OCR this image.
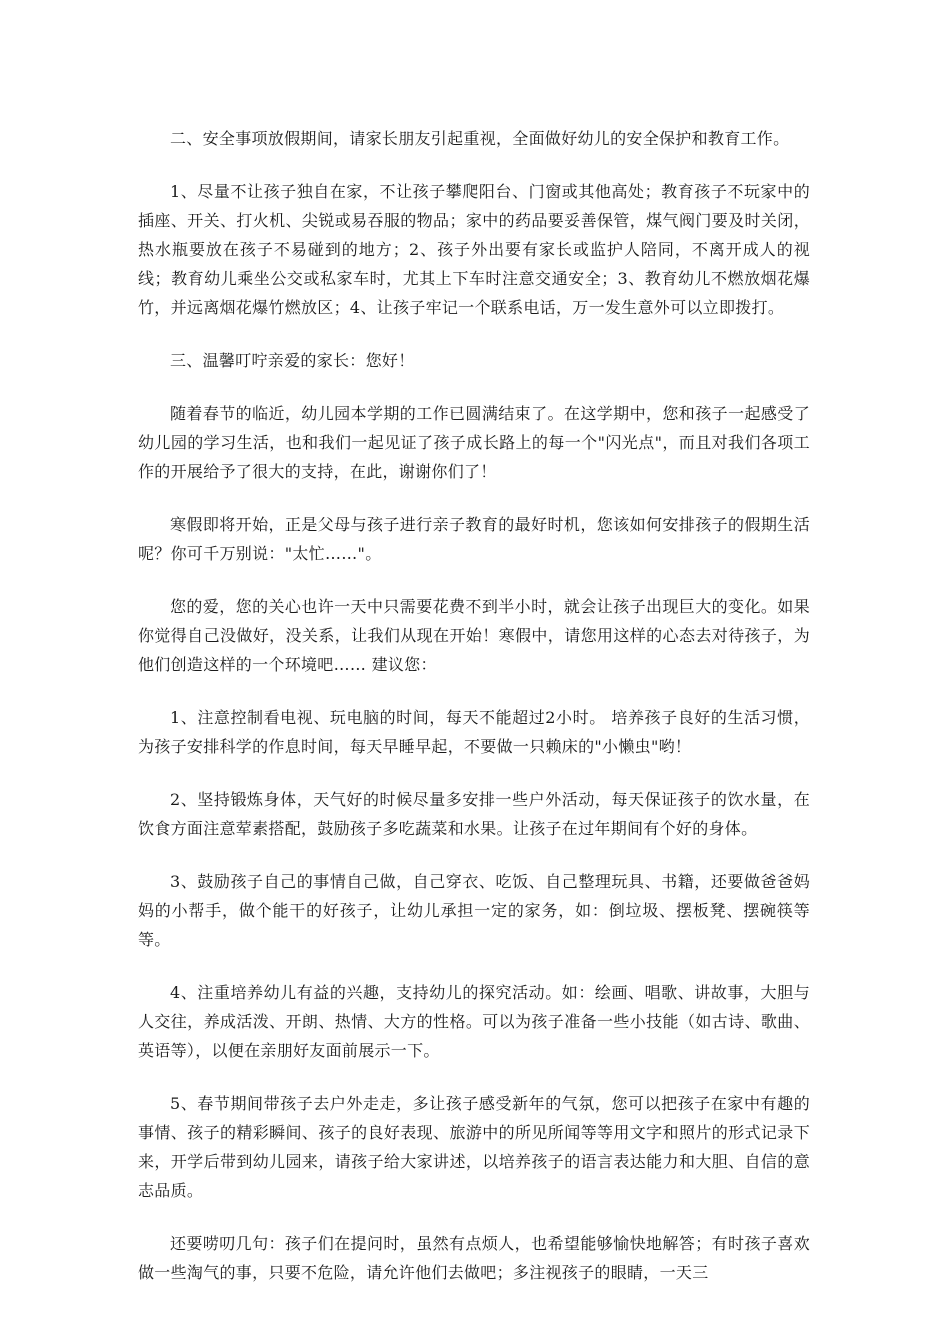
二、安全事项放假期间，请家长朋友引起重视，全面做好幼儿的安全保护和教育工作。

1、尽量不让孩子独自在家，不让孩子攀爬阳台、门窗或其他高处；教育孩子不玩家中的插座、开关、打火机、尖锐或易吞服的物品；家中的药品要妥善保管，煤气阀门要及时关闭，热水瓶要放在孩子不易碰到的地方；2、孩子外出要有家长或监护人陪同，不离开成人的视线；教育幼儿乘坐公交或私家车时，尤其上下车时注意交通安全；3、教育幼儿不燃放烟花爆竹，并远离烟花爆竹燃放区；4、让孩子牢记一个联系电话，万一发生意外可以立即拨打。

三、温馨叮咛亲爱的家长：您好！

随着春节的临近，幼儿园本学期的工作已圆满结束了。在这学期中，您和孩子一起感受了幼儿园的学习生活，也和我们一起见证了孩子成长路上的每一个"闪光点"，而且对我们各项工作的开展给予了很大的支持，在此，谢谢你们了！

寒假即将开始，正是父母与孩子进行亲子教育的最好时机，您该如何安排孩子的假期生活呢？你可千万别说："太忙……"。

您的爱，您的关心也许一天中只需要花费不到半小时，就会让孩子出现巨大的变化。如果你觉得自己没做好，没关系，让我们从现在开始！寒假中，请您用这样的心态去对待孩子，为他们创造这样的一个环境吧…… 建议您：

1、注意控制看电视、玩电脑的时间，每天不能超过2小时。 培养孩子良好的生活习惯，为孩子安排科学的作息时间，每天早睡早起，不要做一只赖床的"小懒虫"哟！

2、坚持锻炼身体，天气好的时候尽量多安排一些户外活动，每天保证孩子的饮水量，在饮食方面注意荤素搭配，鼓励孩子多吃蔬菜和水果。让孩子在过年期间有个好的身体。

3、鼓励孩子自己的事情自己做，自己穿衣、吃饭、自己整理玩具、书籍，还要做爸爸妈妈的小帮手，做个能干的好孩子，让幼儿承担一定的家务，如：倒垃圾、摆板凳、摆碗筷等等。

4、注重培养幼儿有益的兴趣，支持幼儿的探究活动。如：绘画、唱歌、讲故事，大胆与人交往，养成活泼、开朗、热情、大方的性格。可以为孩子准备一些小技能（如古诗、歌曲、英语等），以便在亲朋好友面前展示一下。

5、春节期间带孩子去户外走走，多让孩子感受新年的气氛，您可以把孩子在家中有趣的事情、孩子的精彩瞬间、孩子的良好表现、旅游中的所见所闻等等用文字和照片的形式记录下来，开学后带到幼儿园来，请孩子给大家讲述，以培养孩子的语言表达能力和大胆、自信的意志品质。

还要唠叨几句：孩子们在提问时，虽然有点烦人，也希望能够愉快地解答；有时孩子喜欢做一些淘气的事，只要不危险，请允许他们去做吧；多注视孩子的眼睛，一天三
